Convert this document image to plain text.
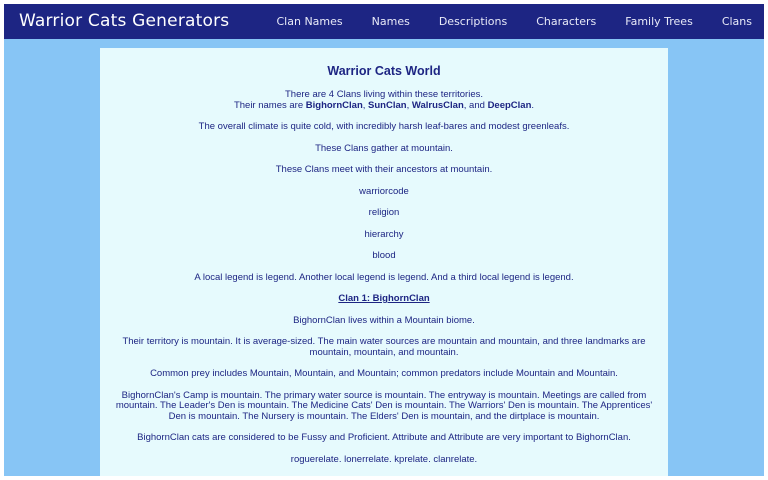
Warrior Cats Generators	Clan Names	Names	Descriptions	Characters	Family Trees	Clans
Warrior Cats World
There are 4 Clans living within these territories.
Their names are BighornClan, SunClan, WalrusClan, and DeepClan.
The overall climate is quite cold, with incredibly harsh leaf-bares and modest greenleafs.
These Clans gather at mountain.
These Clans meet with their ancestors at mountain.
warriorcode
religion
hierarchy
blood
A local legend is legend. Another local legend is legend. And a third local legend is legend.
Clan 1: BighornClan
BighornClan lives within a Mountain biome.
Their territory is mountain. It is average-sized. The main water sources are mountain and mountain, and three landmarks are mountain, mountain, and mountain.
Common prey includes Mountain, Mountain, and Mountain; common predators include Mountain and Mountain.
BighornClan's Camp is mountain. The primary water source is mountain. The entryway is mountain. Meetings are called from mountain. The Leader's Den is mountain. The Medicine Cats' Den is mountain. The Warriors' Den is mountain. The Apprentices' Den is mountain. The Nursery is mountain. The Elders' Den is mountain, and the dirtplace is mountain.
BighornClan cats are considered to be Fussy and Proficient. Attribute and Attribute are very important to BighornClan.
roguerelate. lonerrelate. kprelate. clanrelate.
